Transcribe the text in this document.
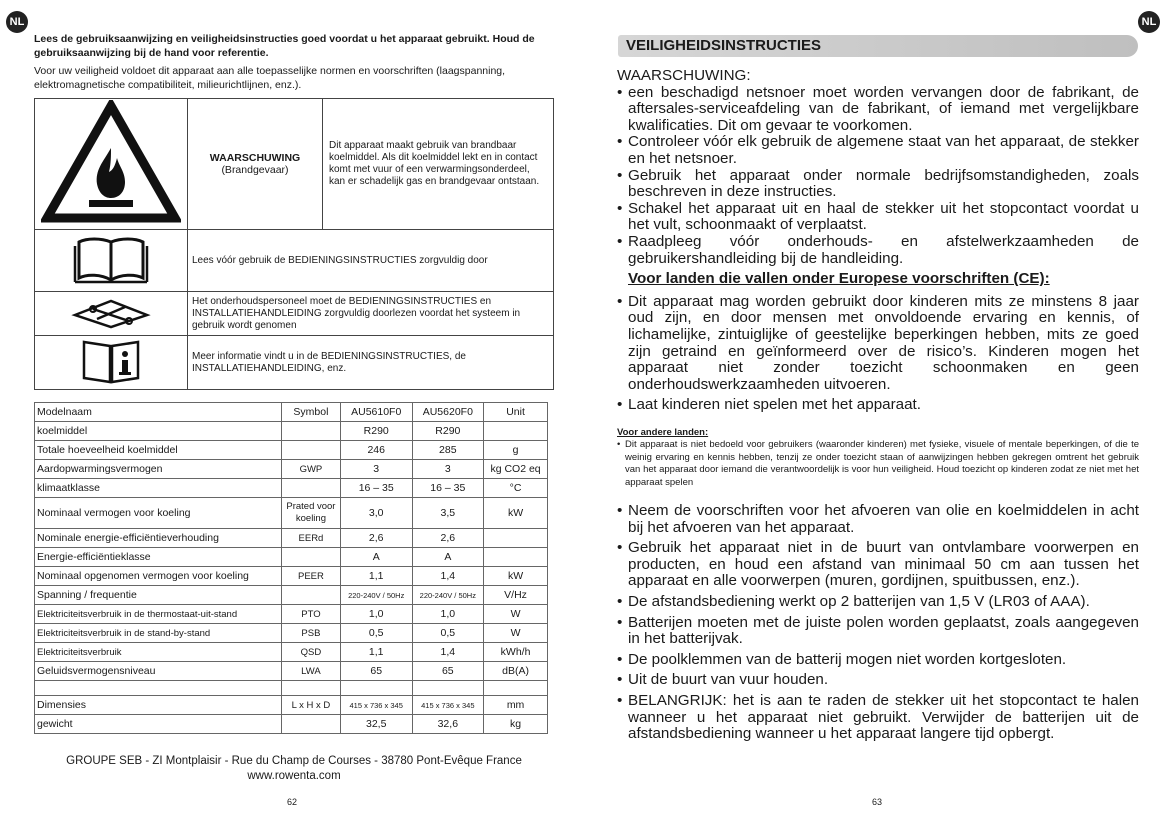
NL
Lees de gebruiksaanwijzing en veiligheidsinstructies goed voordat u het apparaat gebruikt. Houd de gebruiksaanwijzing bij de hand voor referentie.
Voor uw veiligheid voldoet dit apparaat aan alle toepasselijke normen en voorschriften (laagspanning, elektromagnetische compatibiliteit, milieurichtlijnen, enz.).

WAARSCHUWING
(Brandgevaar)	Dit apparaat maakt gebruik van brandbaar koelmiddel. Als dit koelmiddel lekt en in contact komt met vuur of een verwarmingsonderdeel, kan er schadelijk gas en brandgevaar ontstaan.
	Lees vóór gebruik de BEDIENINGSINSTRUCTIES zorgvuldig door	
	Het onderhoudspersoneel moet de BEDIENINGSINSTRUCTIES en INSTALLATIEHANDLEIDING zorgvuldig doorlezen voordat het systeem in gebruik wordt genomen	
	Meer informatie vindt u in de BEDIENINGSINSTRUCTIES, de INSTALLATIEHANDLEIDING, enz.	
Modelnaam	Symbol	AU5610F0	AU5620F0	Unit
koelmiddel		R290	R290	
Totale hoeveelheid koelmiddel		246	285	g
Aardopwarmingsvermogen	GWP	3	3	kg CO2 eq
klimaatklasse		16 – 35	16 – 35	°C
Nominaal vermogen voor koeling	Prated voor koeling	3,0	3,5	kW
Nominale energie-efficiëntieverhouding	EERd	2,6	2,6	
Energie-efficiëntieklasse		A	A	
Nominaal opgenomen vermogen voor koeling	PEER	1,1	1,4	kW
Spanning / frequentie		220-240V / 50Hz	220-240V / 50Hz	V/Hz
Elektriciteitsverbruik in de thermostaat-uit-stand	PTO	1,0	1,0	W
Elektriciteitsverbruik in de stand-by-stand	PSB	0,5	0,5	W
Elektriciteitsverbruik	QSD	1,1	1,4	kWh/h
Geluidsvermogensniveau	LWA	65	65	dB(A)

Dimensies	L x H x D	415 x 736 x 345	415 x 736 x 345	mm
gewicht		32,5	32,6	kg
GROUPE SEB - ZI Montplaisir - Rue du Champ de Courses - 38780 Pont-Evêque France
www.rowenta.com
62
NL
VEILIGHEIDSINSTRUCTIES
WAARSCHUWING:
• een beschadigd netsnoer moet worden vervangen door de fabrikant, de aftersales-serviceafdeling van de fabrikant, of iemand met vergelijkbare kwalificaties. Dit om gevaar te voorkomen.
• Controleer vóór elk gebruik de algemene staat van het apparaat, de stekker en het netsnoer.
• Gebruik het apparaat onder normale bedrijfsomstandigheden, zoals beschreven in deze instructies.
• Schakel het apparaat uit en haal de stekker uit het stopcontact voordat u het vult, schoonmaakt of verplaatst.
• Raadpleeg vóór onderhouds- en afstelwerkzaamheden de gebruikershandleiding bij de handleiding.
Voor landen die vallen onder Europese voorschriften (CE):
• Dit apparaat mag worden gebruikt door kinderen mits ze minstens 8 jaar oud zijn, en door mensen met onvoldoende ervaring en kennis, of lichamelijke, zintuiglijke of geestelijke beperkingen hebben, mits ze goed zijn getraind en geïnformeerd over de risico’s. Kinderen mogen het apparaat niet zonder toezicht schoonmaken en geen onderhoudswerkzaamheden uitvoeren.
• Laat kinderen niet spelen met het apparaat.
Voor andere landen:
• Dit apparaat is niet bedoeld voor gebruikers (waaronder kinderen) met fysieke, visuele of mentale beperkingen, of die te weinig ervaring en kennis hebben, tenzij ze onder toezicht staan of aanwijzingen hebben gekregen omtrent het gebruik van het apparaat door iemand die verantwoordelijk is voor hun veiligheid. Houd toezicht op kinderen zodat ze niet met het apparaat spelen
• Neem de voorschriften voor het afvoeren van olie en koelmiddelen in acht bij het afvoeren van het apparaat.
• Gebruik het apparaat niet in de buurt van ontvlambare voorwerpen en producten, en houd een afstand van minimaal 50 cm aan tussen het apparaat en alle voorwerpen (muren, gordijnen, spuitbussen, enz.).
• De afstandsbediening werkt op 2 batterijen van 1,5 V (LR03 of AAA).
• Batterijen moeten met de juiste polen worden geplaatst, zoals aangegeven in het batterijvak.
• De poolklemmen van de batterij mogen niet worden kortgesloten.
• Uit de buurt van vuur houden.
• BELANGRIJK: het is aan te raden de stekker uit het stopcontact te halen wanneer u het apparaat niet gebruikt. Verwijder de batterijen uit de afstandsbediening wanneer u het apparaat langere tijd opbergt.
63
